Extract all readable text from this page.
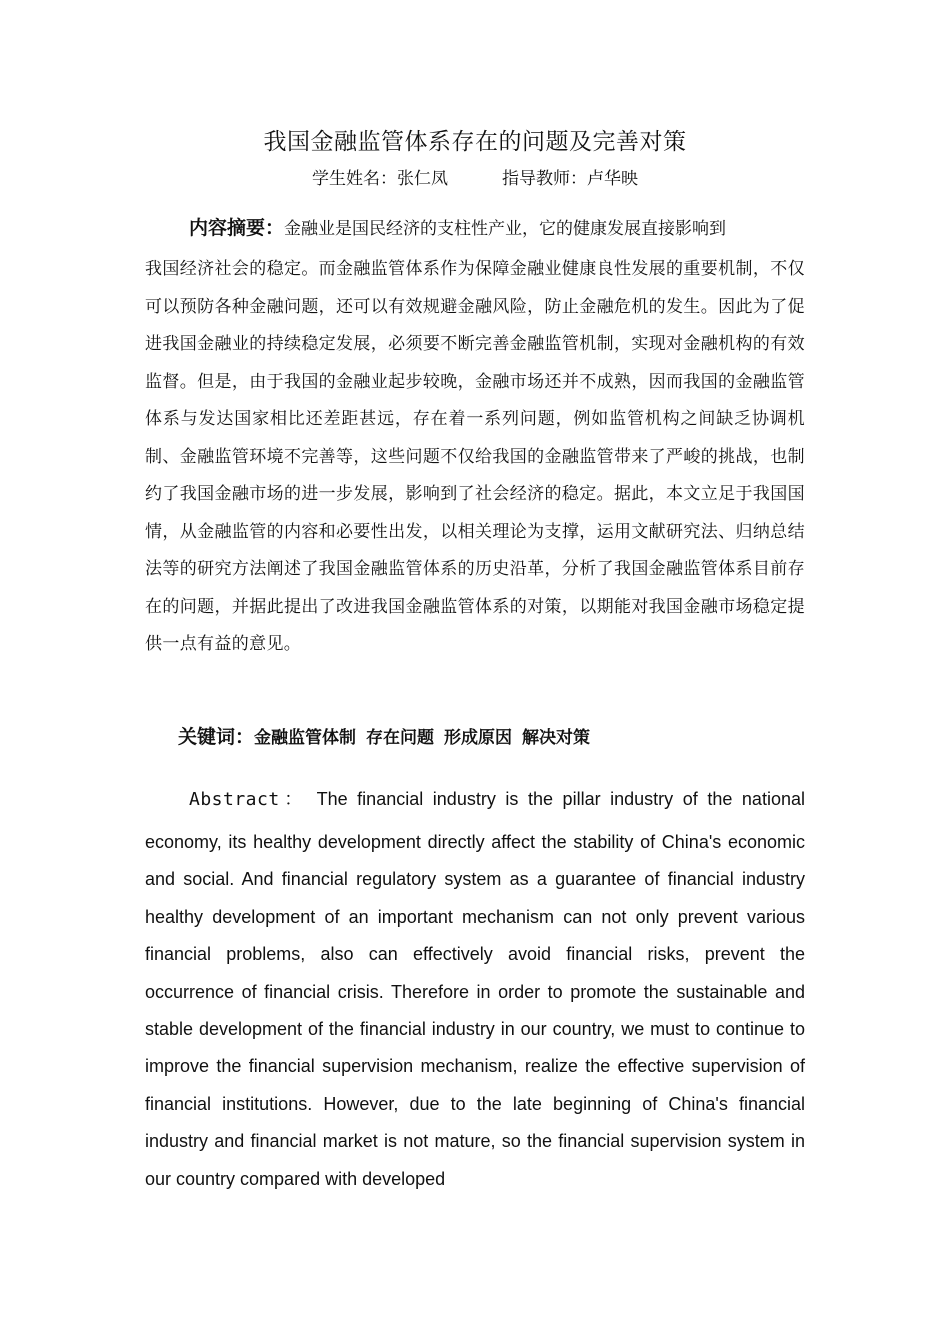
我国金融监管体系存在的问题及完善对策
学生姓名：张仁凤	指导教师：卢华映

内容摘要：金融业是国民经济的支柱性产业，它的健康发展直接影响到

我国经济社会的稳定。而金融监管体系作为保障金融业健康良性发展的重要机制，不仅可以预防各种金融问题，还可以有效规避金融风险，防止金融危机的发生。因此为了促进我国金融业的持续稳定发展，必须要不断完善金融监管机制，实现对金融机构的有效监督。但是，由于我国的金融业起步较晚，金融市场还并不成熟，因而我国的金融监管体系与发达国家相比还差距甚远，存在着一系列问题，例如监管机构之间缺乏协调机制、金融监管环境不完善等，这些问题不仅给我国的金融监管带来了严峻的挑战，也制约了我国金融市场的进一步发展，影响到了社会经济的稳定。据此，本文立足于我国国情，从金融监管的内容和必要性出发，以相关理论为支撑，运用文献研究法、归纳总结法等的研究方法阐述了我国金融监管体系的历史沿革，分析了我国金融监管体系目前存在的问题，并据此提出了改进我国金融监管体系的对策，以期能对我国金融市场稳定提供一点有益的意见。

关键词：金融监管体制 存在问题 形成原因 解决对策

Abstract： The financial industry is the pillar industry of the national

economy, its healthy development directly affect the stability of China's economic and social. And financial regulatory system as a guarantee of financial industry healthy development of an important mechanism can not only prevent various financial problems, also can effectively avoid financial risks, prevent the occurrence of financial crisis. Therefore in order to promote the sustainable and stable development of the financial industry in our country, we must to continue to improve the financial supervision mechanism, realize the effective supervision of financial institutions. However, due to the late beginning of China's financial industry and financial market is not mature, so the financial supervision system in our country compared with developed
